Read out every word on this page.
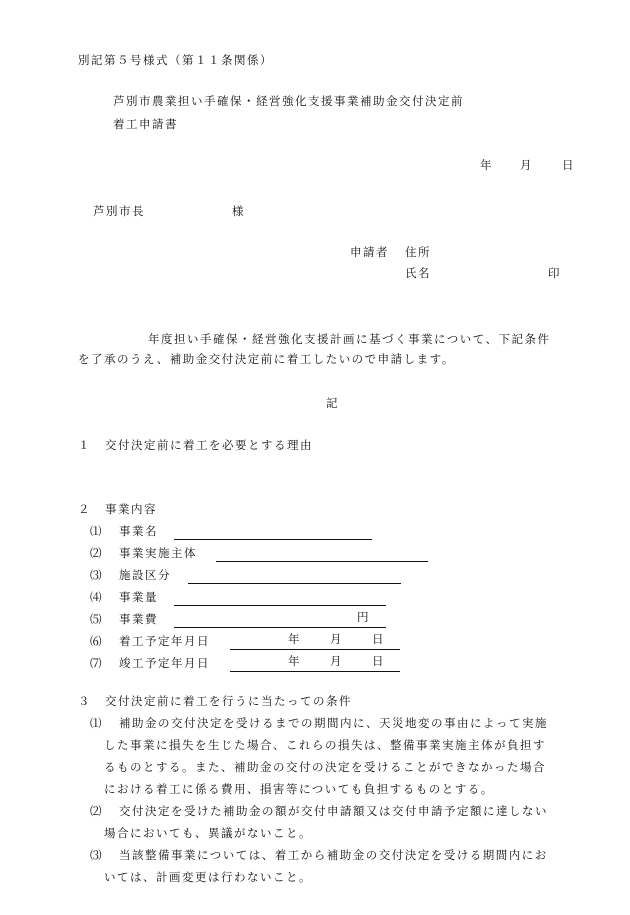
別記第５号様式（第１１条関係）
芦別市農業担い手確保・経営強化支援事業補助金交付決定前
着工申請書
年 月	日
芦別市長	様
申請者 住所
氏名	印
年度担い手確保・経営強化支援計画に基づく事業について、下記条件
を了承のうえ、補助金交付決定前に着工したいので申請します。
記
１ 交付決定前に着工を必要とする理由
２ 事業内容
⑴ 事業名
⑵ 事業実施主体
⑶ 施設区分
⑷ 事業量
⑸ 事業費	円
⑹ 着工予定年月日	年	月	日
⑺ 竣工予定年月日	年	月	日
３ 交付決定前に着工を行うに当たっての条件
⑴ 補助金の交付決定を受けるまでの期間内に、天災地変の事由によって実施
した事業に損失を生じた場合、これらの損失は、整備事業実施主体が負担す
るものとする。また、補助金の交付の決定を受けることができなかった場合
における着工に係る費用、損害等についても負担するものとする。
⑵ 交付決定を受けた補助金の額が交付申請額又は交付申請予定額に達しない
場合においても、異議がないこと。
⑶ 当該整備事業については、着工から補助金の交付決定を受ける期間内にお
いては、計画変更は行わないこと。
